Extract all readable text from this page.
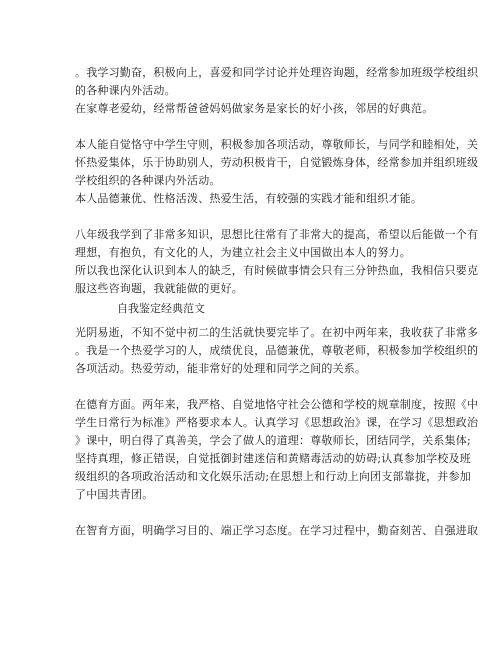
。我学习勤奋，积极向上，喜爱和同学讨论并处理咨询题，经常参加班级学校组织
的各种课内外活动。
在家尊老爱幼，经常帮爸爸妈妈做家务是家长的好小孩，邻居的好典范。
本人能自觉恪守中学生守则，积极参加各项活动，尊敬师长，与同学和睦相处，关
怀热爱集体，乐于协助别人，劳动积极肯干，自觉锻炼身体，经常参加并组织班级
学校组织的各种课内外活动。
本人品德兼优、性格活泼、热爱生活，有较强的实践才能和组织才能。
八年级我学到了非常多知识，思想比往常有了非常大的提高，希望以后能做一个有
理想，有抱负，有文化的人，为建立社会主义中国做出本人的努力。
所以我也深化认识到本人的缺乏，有时候做事情会只有三分钟热血，我相信只要克
服这些咨询题，我就能做的更好。
自我鉴定经典范文
光阴易逝，不知不觉中初二的生活就快要完毕了。在初中两年来，我收获了非常多
。我是一个热爱学习的人，成绩优良，品德兼优，尊敬老师，积极参加学校组织的
各项活动。热爱劳动，能非常好的处理和同学之间的关系。
在德育方面。两年来，我严格、自觉地恪守社会公德和学校的规章制度，按照《中
学生日常行为标准》严格要求本人。认真学习《思想政治》课，在学习《思想政治
》课中，明白得了真善美，学会了做人的道理：尊敬师长，团结同学，关系集体;
坚持真理，修正错误，自觉抵御封建迷信和黄赌毒活动的妨碍;认真参加学校及班
级组织的各项政治活动和文化娱乐活动;在思想上和行动上向团支部靠拢，并参加
了中国共青团。
在智育方面，明确学习目的、端正学习态度。在学习过程中，勤奋刻苦、自强进取
